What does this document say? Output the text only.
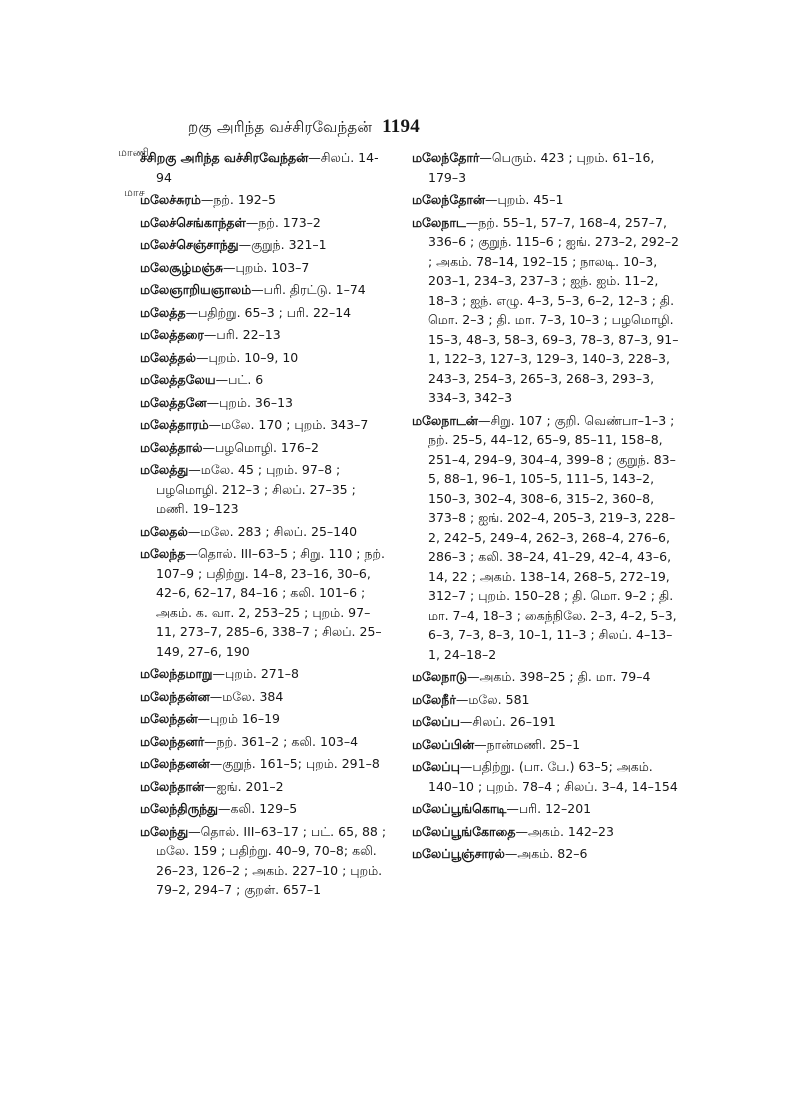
றகு அரிந்த வச்சிரவேந்தன் 1194
மாணி
மாச
ச்சிறகு அரிந்த வச்சிரவேந்தன்—சிலப். 14-94
மலேச்சுரம்—நற். 192–5
மலேச்செங்காந்தள்—நற். 173–2
மலேச்செஞ்சாந்து—குறுந். 321–1
மலேசூழ்மஞ்சு—புறம். 103–7
மலேஞாறியஞாலம்—பரி. திரட்டு. 1–74
மலேத்த—பதிற்று. 65–3 ; பரி. 22–14
மலேத்தரை—பரி. 22–13
மலேத்தல்—புறம். 10–9, 10
மலேத்தலேய—பட். 6
மலேத்தனே—புறம். 36–13
மலேத்தாரம்—மலே. 170 ; புறம். 343–7
மலேத்தால்—பழமொழி. 176–2
மலேத்து—மலே. 45 ; புறம். 97–8 ; பழமொழி. 212–3 ; சிலப். 27–35 ; மணி. 19–123
மலேதல்—மலே. 283 ; சிலப். 25–140
மலேந்த—தொல். III–63–5 ; சிறு. 110 ; நற். 107–9 ; பதிற்று. 14–8, 23–16, 30–6, 42–6, 62–17, 84–16 ; கலி. 101–6 ; அகம். க. வா. 2, 253–25 ; புறம். 97–11, 273–7, 285–6, 338–7 ; சிலப். 25–149, 27–6, 190
மலேந்தமாறு—புறம். 271–8
மலேந்தன்ன—மலே. 384
மலேந்தன்—புறம் 16–19
மலேந்தனர்—நற். 361–2 ; கலி. 103–4
மலேந்தனன்—குறுந். 161–5; புறம். 291–8
மலேந்தான்—ஐங். 201–2
மலேந்திருந்து—கலி. 129–5
மலேந்து—தொல். III–63–17 ; பட். 65, 88 ; மலே. 159 ; பதிற்று. 40–9, 70–8; கலி. 26–23, 126–2 ; அகம். 227–10 ; புறம். 79–2, 294–7 ; குறள். 657–1
மலேந்தோர்—பெரும். 423 ; புறம். 61–16, 179–3
மலேந்தோன்—புறம். 45–1
மலேநாட—நற். 55–1, 57–7, 168–4, 257–7, 336–6 ; குறுந். 115–6 ; ஐங். 273–2, 292–2 ; அகம். 78–14, 192–15 ; நாலடி. 10–3, 203–1, 234–3, 237–3 ; ஐந். ஐம். 11–2, 18–3 ; ஐந். எழு. 4–3, 5–3, 6–2, 12–3 ; தி. மொ. 2–3 ; தி. மா. 7–3, 10–3 ; பழமொழி. 15–3, 48–3, 58–3, 69–3, 78–3, 87–3, 91–1, 122–3, 127–3, 129–3, 140–3, 228–3, 243–3, 254–3, 265–3, 268–3, 293–3, 334–3, 342–3
மலேநாடன்—சிறு. 107 ; குறி. வெண்பா–1–3 ; நற். 25–5, 44–12, 65–9, 85–11, 158–8, 251–4, 294–9, 304–4, 399–8 ; குறுந். 83–5, 88–1, 96–1, 105–5, 111–5, 143–2, 150–3, 302–4, 308–6, 315–2, 360–8, 373–8 ; ஐங். 202–4, 205–3, 219–3, 228–2, 242–5, 249–4, 262–3, 268–4, 276–6, 286–3 ; கலி. 38–24, 41–29, 42–4, 43–6, 14, 22 ; அகம். 138–14, 268–5, 272–19, 312–7 ; புறம். 150–28 ; தி. மொ. 9–2 ; தி. மா. 7–4, 18–3 ; கைந்நிலே. 2–3, 4–2, 5–3, 6–3, 7–3, 8–3, 10–1, 11–3 ; சிலப். 4–13–1, 24–18–2
மலேநாடு—அகம். 398–25 ; தி. மா. 79–4
மலேநீர்—மலே. 581
மலேப்ப—சிலப். 26–191
மலேப்பின்—நான்மணி. 25–1
மலேப்பு—பதிற்று. (பா. பே.) 63–5; அகம். 140–10 ; புறம். 78–4 ; சிலப். 3–4, 14–154
மலேப்பூங்கொடி—பரி. 12–201
மலேப்பூங்கோதை—அகம். 142–23
மலேப்பூஞ்சாரல்—அகம். 82–6
